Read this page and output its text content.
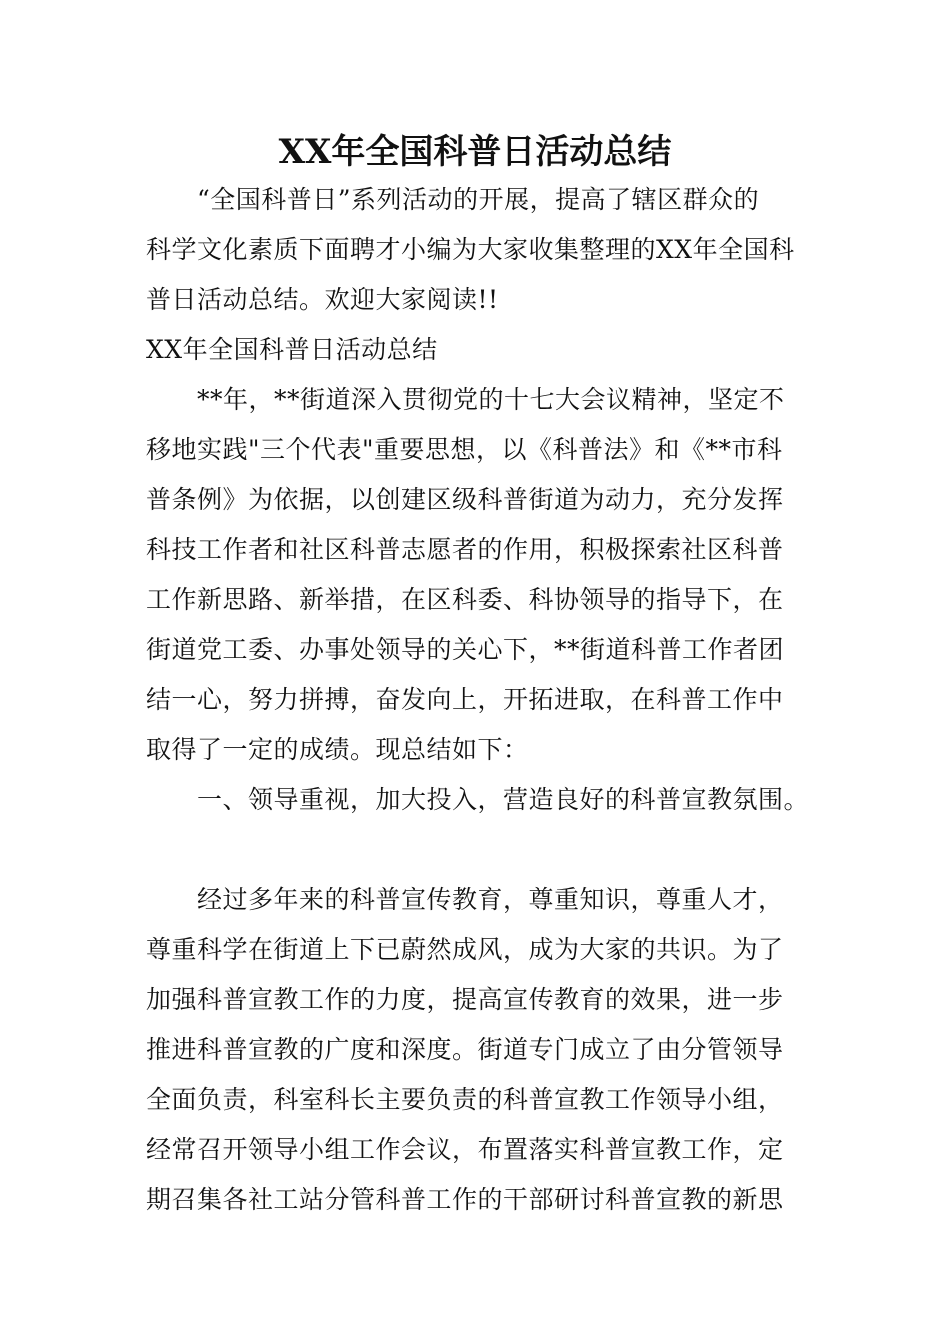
XX年全国科普日活动总结
　　“全国科普日”系列活动的开展，提高了辖区群众的
科学文化素质下面聘才小编为大家收集整理的XX年全国科
普日活动总结。欢迎大家阅读!!
XX年全国科普日活动总结
　　**年，**街道深入贯彻党的十七大会议精神，坚定不
移地实践"三个代表"重要思想，以《科普法》和《**市科
普条例》为依据，以创建区级科普街道为动力，充分发挥
科技工作者和社区科普志愿者的作用，积极探索社区科普
工作新思路、新举措，在区科委、科协领导的指导下，在
街道党工委、办事处领导的关心下，**街道科普工作者团
结一心，努力拼搏，奋发向上，开拓进取，在科普工作中
取得了一定的成绩。现总结如下：
　　一、领导重视，加大投入，营造良好的科普宣教氛围。
　　经过多年来的科普宣传教育，尊重知识，尊重人才，
尊重科学在街道上下已蔚然成风，成为大家的共识。为了
加强科普宣教工作的力度，提高宣传教育的效果，进一步
推进科普宣教的广度和深度。街道专门成立了由分管领导
全面负责，科室科长主要负责的科普宣教工作领导小组，
经常召开领导小组工作会议，布置落实科普宣教工作，定
期召集各社工站分管科普工作的干部研讨科普宣教的新思
